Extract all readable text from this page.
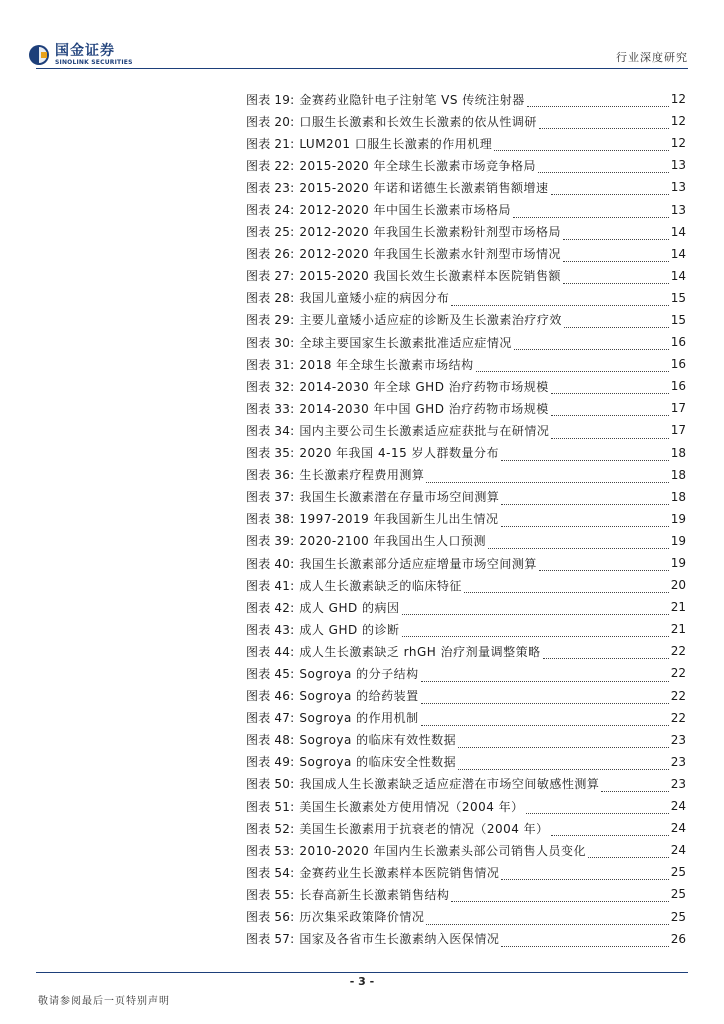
国金证券
SINOLINK SECURITIES	行业深度研究
图表 19: 金赛药业隐针电子注射笔 VS 传统注射器	12
图表 20: 口服生长激素和长效生长激素的依从性调研	12
图表 21: LUM201 口服生长激素的作用机理	12
图表 22: 2015-2020 年全球生长激素市场竞争格局	13
图表 23: 2015-2020 年诺和诺德生长激素销售额增速	13
图表 24: 2012-2020 年中国生长激素市场格局	13
图表 25: 2012-2020 年我国生长激素粉针剂型市场格局	14
图表 26: 2012-2020 年我国生长激素水针剂型市场情况	14
图表 27: 2015-2020 我国长效生长激素样本医院销售额	14
图表 28: 我国儿童矮小症的病因分布	15
图表 29: 主要儿童矮小适应症的诊断及生长激素治疗疗效	15
图表 30: 全球主要国家生长激素批准适应症情况	16
图表 31: 2018 年全球生长激素市场结构	16
图表 32: 2014-2030 年全球 GHD 治疗药物市场规模	16
图表 33: 2014-2030 年中国 GHD 治疗药物市场规模	17
图表 34: 国内主要公司生长激素适应症获批与在研情况	17
图表 35: 2020 年我国 4-15 岁人群数量分布	18
图表 36: 生长激素疗程费用测算	18
图表 37: 我国生长激素潜在存量市场空间测算	18
图表 38: 1997-2019 年我国新生儿出生情况	19
图表 39: 2020-2100 年我国出生人口预测	19
图表 40: 我国生长激素部分适应症增量市场空间测算	19
图表 41: 成人生长激素缺乏的临床特征	20
图表 42: 成人 GHD 的病因	21
图表 43: 成人 GHD 的诊断	21
图表 44: 成人生长激素缺乏 rhGH 治疗剂量调整策略	22
图表 45: Sogroya 的分子结构	22
图表 46: Sogroya 的给药装置	22
图表 47: Sogroya 的作用机制	22
图表 48: Sogroya 的临床有效性数据	23
图表 49: Sogroya 的临床安全性数据	23
图表 50: 我国成人生长激素缺乏适应症潜在市场空间敏感性测算	23
图表 51: 美国生长激素处方使用情况（2004 年）	24
图表 52: 美国生长激素用于抗衰老的情况（2004 年）	24
图表 53: 2010-2020 年国内生长激素头部公司销售人员变化	24
图表 54: 金赛药业生长激素样本医院销售情况	25
图表 55: 长春高新生长激素销售结构	25
图表 56: 历次集采政策降价情况	25
图表 57: 国家及各省市生长激素纳入医保情况	26
- 3 -
敬请参阅最后一页特别声明
